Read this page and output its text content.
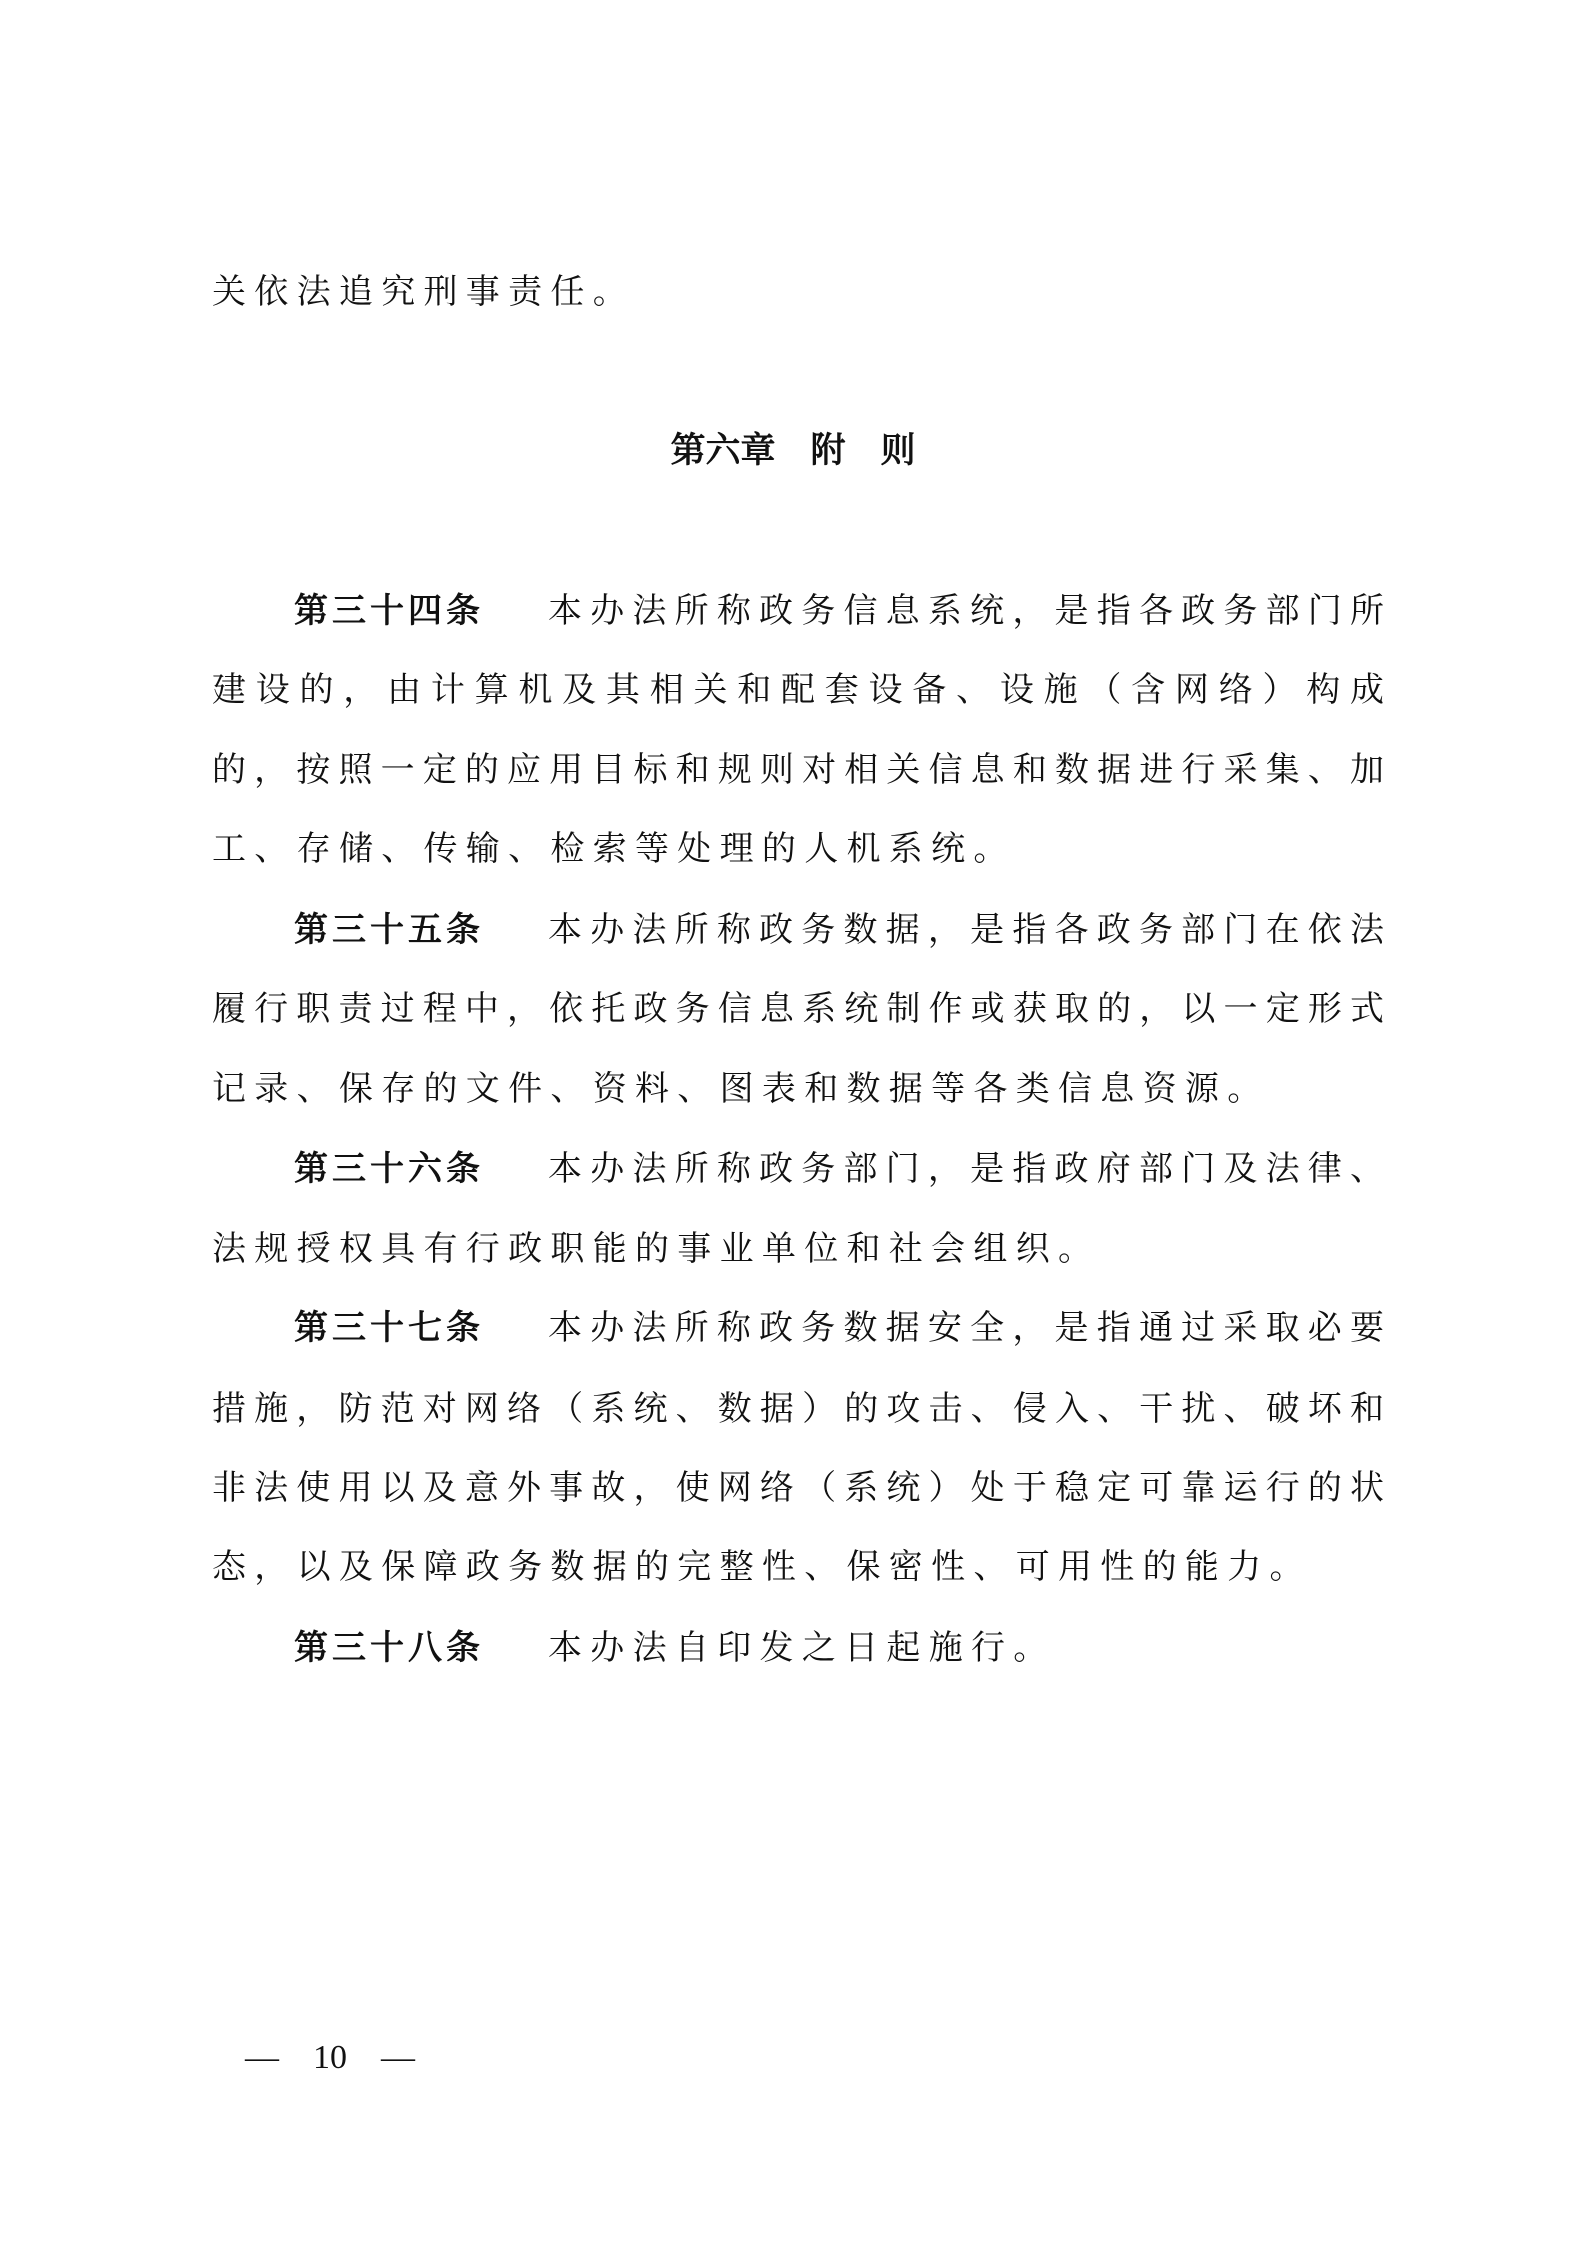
关依法追究刑事责任。
第六章　附　则
第三十四条	本办法所称政务信息系统，是指各政务部门所
建设的，由计算机及其相关和配套设备、设施（含网络）构成
的，按照一定的应用目标和规则对相关信息和数据进行采集、加
工、存储、传输、检索等处理的人机系统。
第三十五条	本办法所称政务数据，是指各政务部门在依法
履行职责过程中，依托政务信息系统制作或获取的，以一定形式
记录、保存的文件、资料、图表和数据等各类信息资源。
第三十六条	本办法所称政务部门，是指政府部门及法律、
法规授权具有行政职能的事业单位和社会组织。
第三十七条	本办法所称政务数据安全，是指通过采取必要
措施，防范对网络（系统、数据）的攻击、侵入、干扰、破坏和
非法使用以及意外事故，使网络（系统）处于稳定可靠运行的状
态，以及保障政务数据的完整性、保密性、可用性的能力。
第三十八条	本办法自印发之日起施行。
—　10　—
